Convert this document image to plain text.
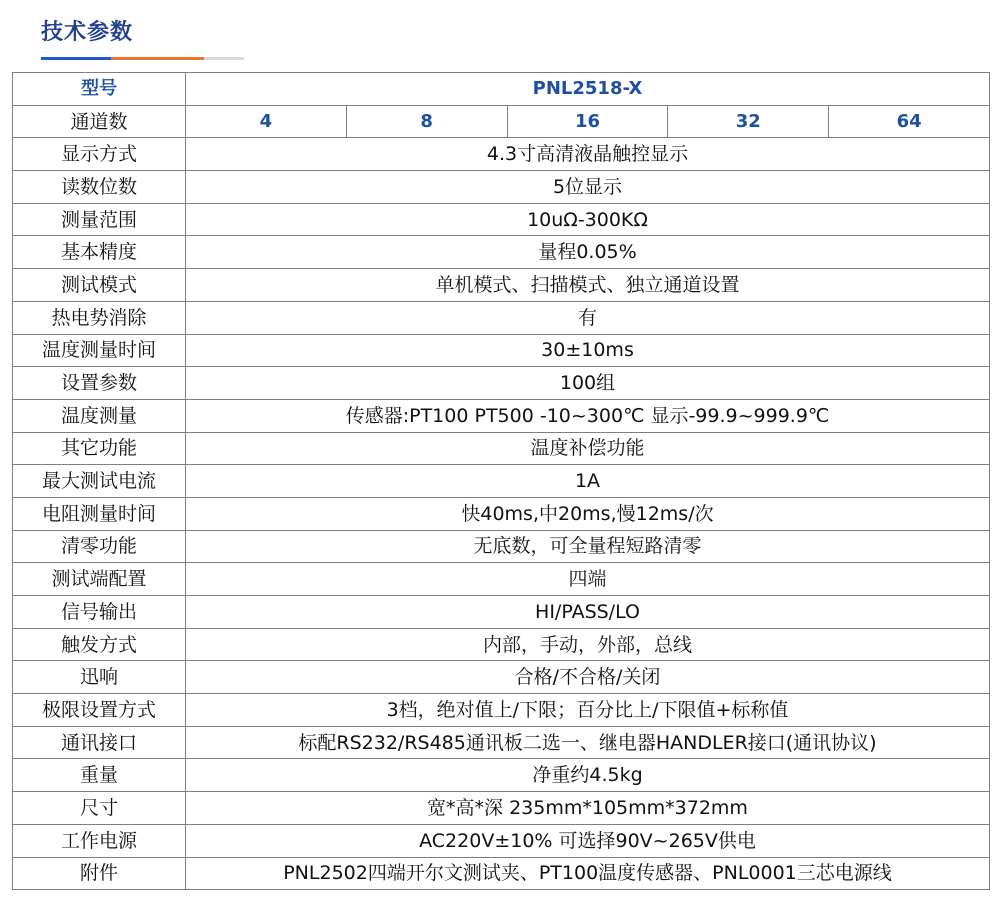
技术参数
型号	PNL2518-X				
通道数	4	8	16	32	64
显示方式	4.3寸高清液晶触控显示				
读数位数	5位显示				
测量范围	10uΩ-300KΩ				
基本精度	量程0.05%				
测试模式	单机模式、扫描模式、独立通道设置				
热电势消除	有				
温度测量时间	30±10ms				
设置参数	100组				
温度测量	传感器:PT100 PT500 -10~300℃ 显示-99.9~999.9℃				
其它功能	温度补偿功能				
最大测试电流	1A				
电阻测量时间	快40ms,中20ms,慢12ms/次				
清零功能	无底数，可全量程短路清零				
测试端配置	四端				
信号输出	HI/PASS/LO				
触发方式	内部，手动，外部，总线				
迅响	合格/不合格/关闭				
极限设置方式	3档，绝对值上/下限；百分比上/下限值+标称值				
通讯接口	标配RS232/RS485通讯板二选一、继电器HANDLER接口(通讯协议)				
重量	净重约4.5kg				
尺寸	宽*高*深 235mm*105mm*372mm				
工作电源	AC220V±10% 可选择90V~265V供电				
附件	PNL2502四端开尔文测试夹、PT100温度传感器、PNL0001三芯电源线				
